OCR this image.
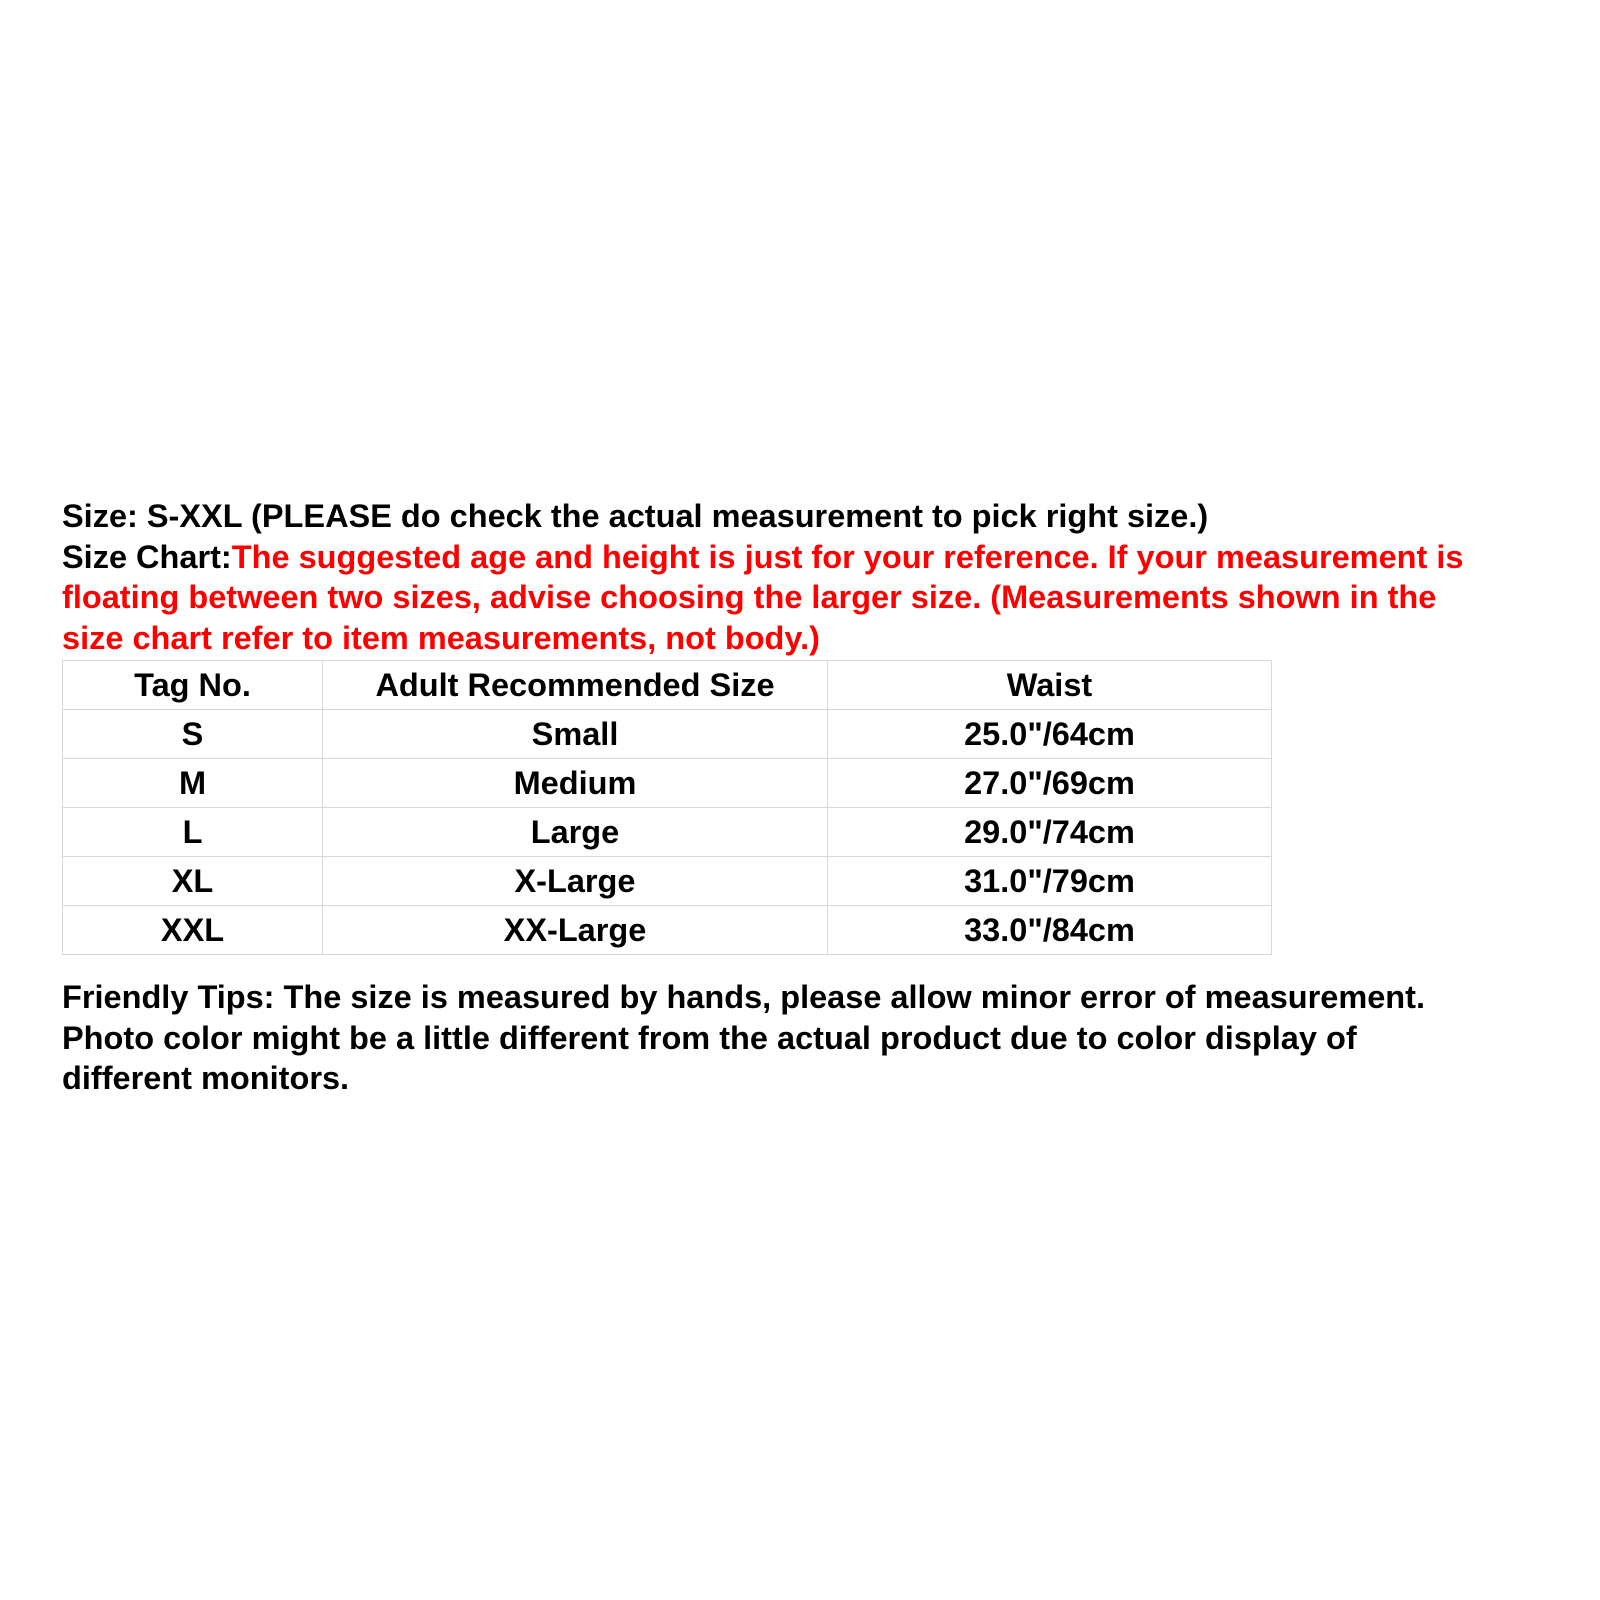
Size: S-XXL (PLEASE do check the actual measurement to pick right size.)
Size Chart:The suggested age and height is just for your reference. If your measurement is
floating between two sizes, advise choosing the larger size. (Measurements shown in the
size chart refer to item measurements, not body.)
Tag No.	Adult Recommended Size	Waist
S	Small	25.0"/64cm
M	Medium	27.0"/69cm
L	Large	29.0"/74cm
XL	X-Large	31.0"/79cm
XXL	XX-Large	33.0"/84cm
Friendly Tips: The size is measured by hands, please allow minor error of measurement.
Photo color might be a little different from the actual product due to color display of
different monitors.
